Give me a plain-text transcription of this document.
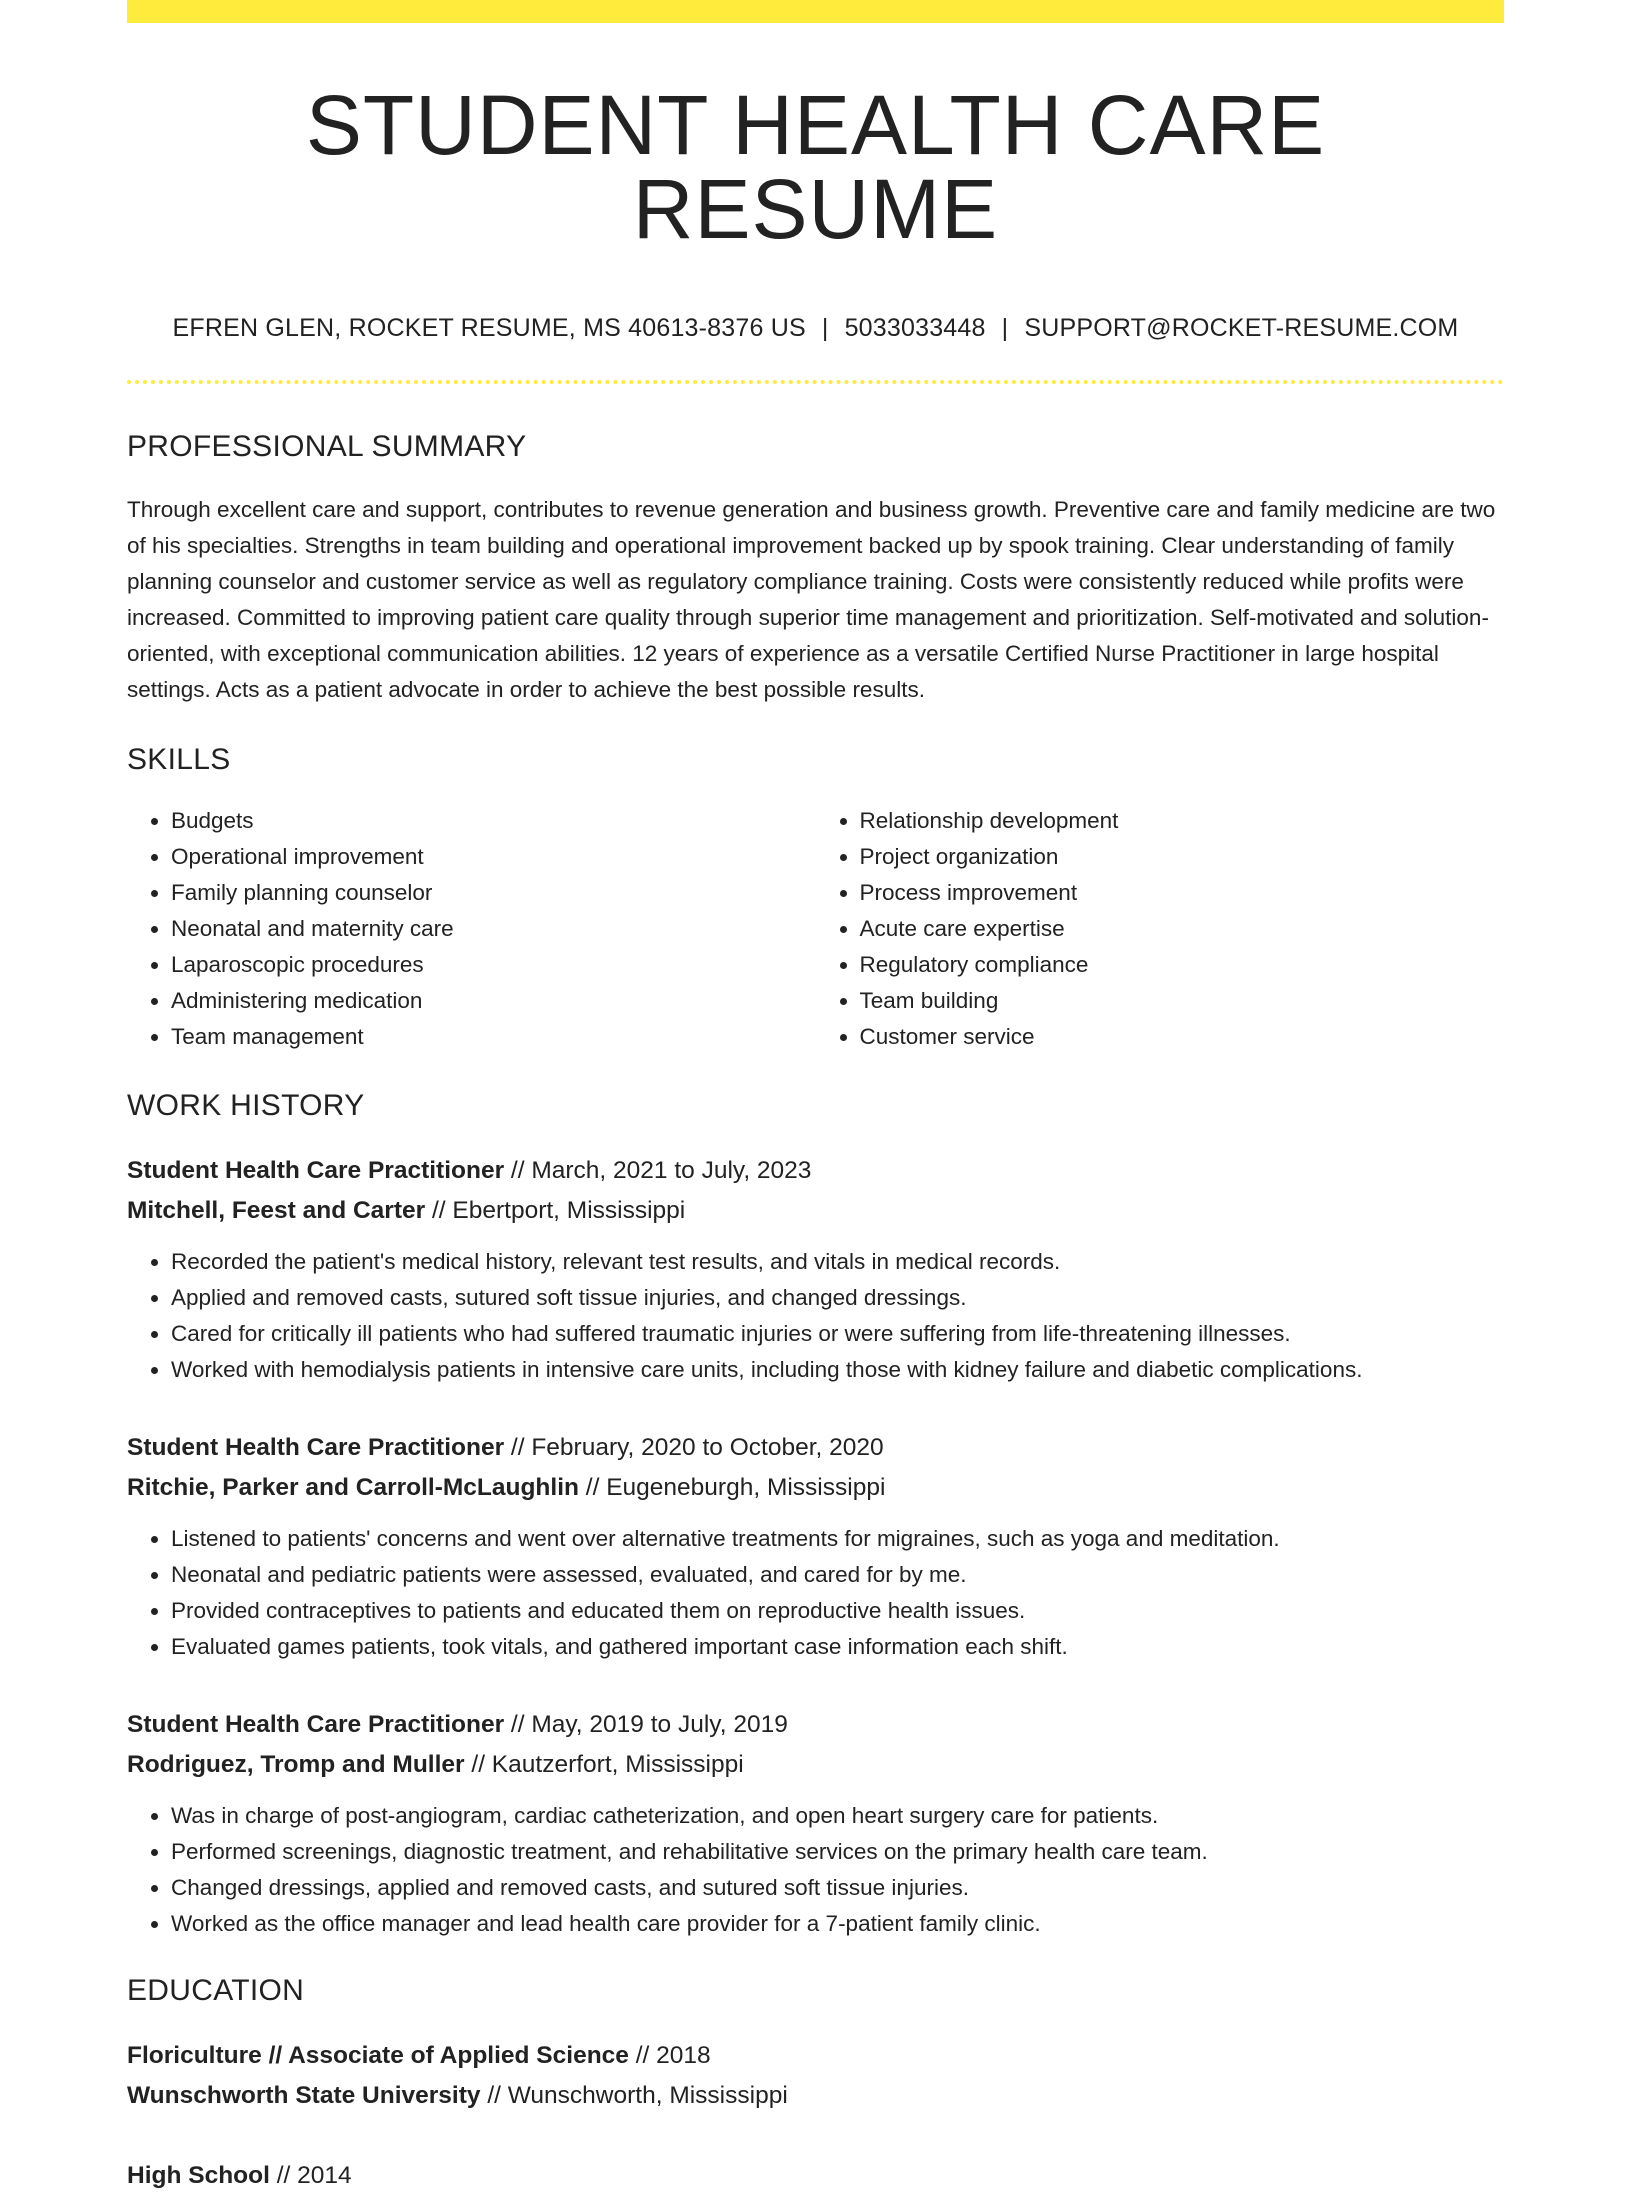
STUDENT HEALTH CARE RESUME
EFREN GLEN, ROCKET RESUME, MS 40613-8376 US | 5033033448 | SUPPORT@ROCKET-RESUME.COM
PROFESSIONAL SUMMARY

Through excellent care and support, contributes to revenue generation and business growth. Preventive care and family medicine are two of his specialties. Strengths in team building and operational improvement backed up by spook training. Clear understanding of family planning counselor and customer service as well as regulatory compliance training. Costs were consistently reduced while profits were increased. Committed to improving patient care quality through superior time management and prioritization. Self-motivated and solution-oriented, with exceptional communication abilities. 12 years of experience as a versatile Certified Nurse Practitioner in large hospital settings. Acts as a patient advocate in order to achieve the best possible results.

SKILLS
• Budgets
• Operational improvement
• Family planning counselor
• Neonatal and maternity care
• Laparoscopic procedures
• Administering medication
• Team management
• Relationship development
• Project organization
• Process improvement
• Acute care expertise
• Regulatory compliance
• Team building
• Customer service
WORK HISTORY
Student Health Care Practitioner // March, 2021 to July, 2023
Mitchell, Feest and Carter // Ebertport, Mississippi
• Recorded the patient's medical history, relevant test results, and vitals in medical records.
• Applied and removed casts, sutured soft tissue injuries, and changed dressings.
• Cared for critically ill patients who had suffered traumatic injuries or were suffering from life-threatening illnesses.
• Worked with hemodialysis patients in intensive care units, including those with kidney failure and diabetic complications.
Student Health Care Practitioner // February, 2020 to October, 2020
Ritchie, Parker and Carroll-McLaughlin // Eugeneburgh, Mississippi
• Listened to patients' concerns and went over alternative treatments for migraines, such as yoga and meditation.
• Neonatal and pediatric patients were assessed, evaluated, and cared for by me.
• Provided contraceptives to patients and educated them on reproductive health issues.
• Evaluated games patients, took vitals, and gathered important case information each shift.
Student Health Care Practitioner // May, 2019 to July, 2019
Rodriguez, Tromp and Muller // Kautzerfort, Mississippi
• Was in charge of post-angiogram, cardiac catheterization, and open heart surgery care for patients.
• Performed screenings, diagnostic treatment, and rehabilitative services on the primary health care team.
• Changed dressings, applied and removed casts, and sutured soft tissue injuries.
• Worked as the office manager and lead health care provider for a 7-patient family clinic.
EDUCATION
Floriculture // Associate of Applied Science // 2018
Wunschworth State University // Wunschworth, Mississippi
High School // 2014
